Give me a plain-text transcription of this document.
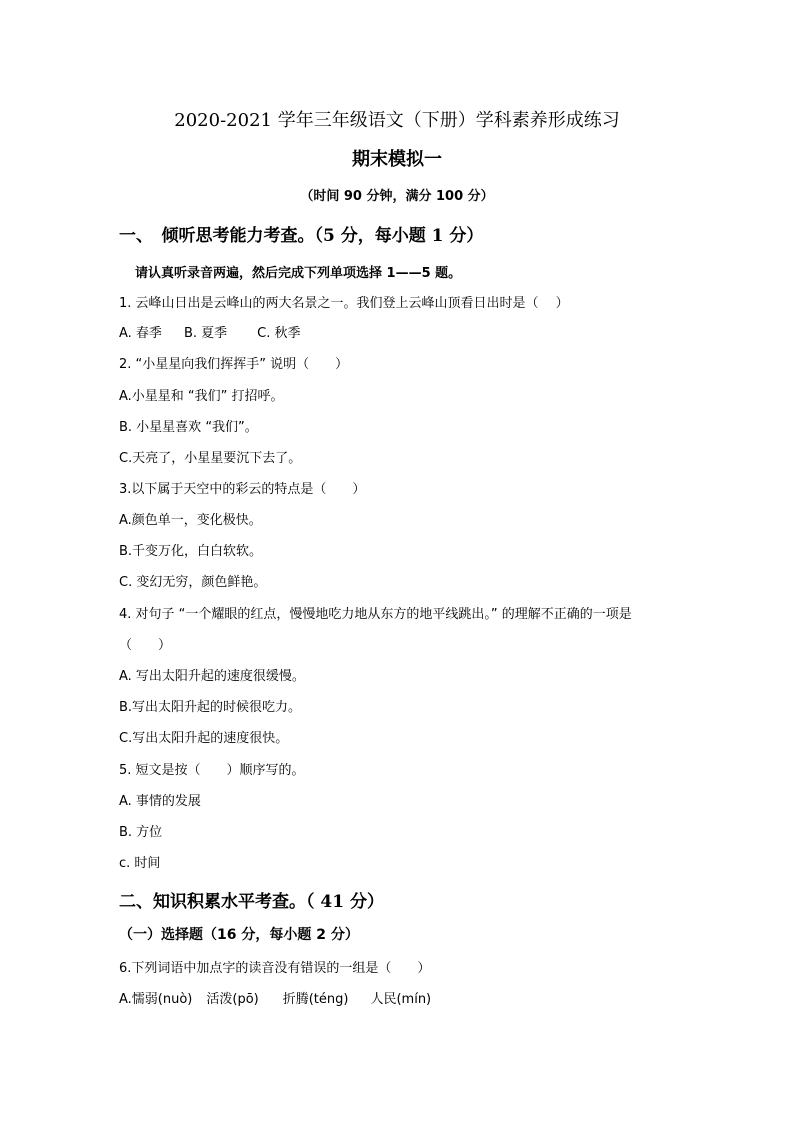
2020-2021 学年三年级语文（下册）学科素养形成练习
期末模拟一
（时间 90 分钟，满分 100 分）
一、　倾听思考能力考查。（5 分，每小题 1 分）
请认真听录音两遍，然后完成下列单项选择 1——5 题。
1. 云峰山日出是云峰山的两大名景之一。我们登上云峰山顶看日出时是（　 ）
A. 春季 B. 夏季 C. 秋季
2. “小星星向我们挥挥手” 说明（　　）
A.小星星和 “我们” 打招呼。
B. 小星星喜欢 “我们”。
C.天亮了，小星星要沉下去了。
3.以下属于天空中的彩云的特点是（　　）
A.颜色单一，变化极快。
B.千变万化，白白软软。
C. 变幻无穷，颜色鲜艳。
4. 对句子 “一个耀眼的红点，慢慢地吃力地从东方的地平线跳出。” 的理解不正确的一项是
（　　）
A. 写出太阳升起的速度很缓慢。
B.写出太阳升起的时候很吃力。
C.写出太阳升起的速度很快。
5. 短文是按（　　）顺序写的。
A. 事情的发展
B. 方位
c. 时间
二、知识积累水平考查。（ 41 分）
（一）选择题（16 分，每小题 2 分）
6.下列词语中加点字的读音没有错误的一组是（　　）
A.懦弱(nuò) 活泼(pō) 折腾(téng) 人民(mín)
